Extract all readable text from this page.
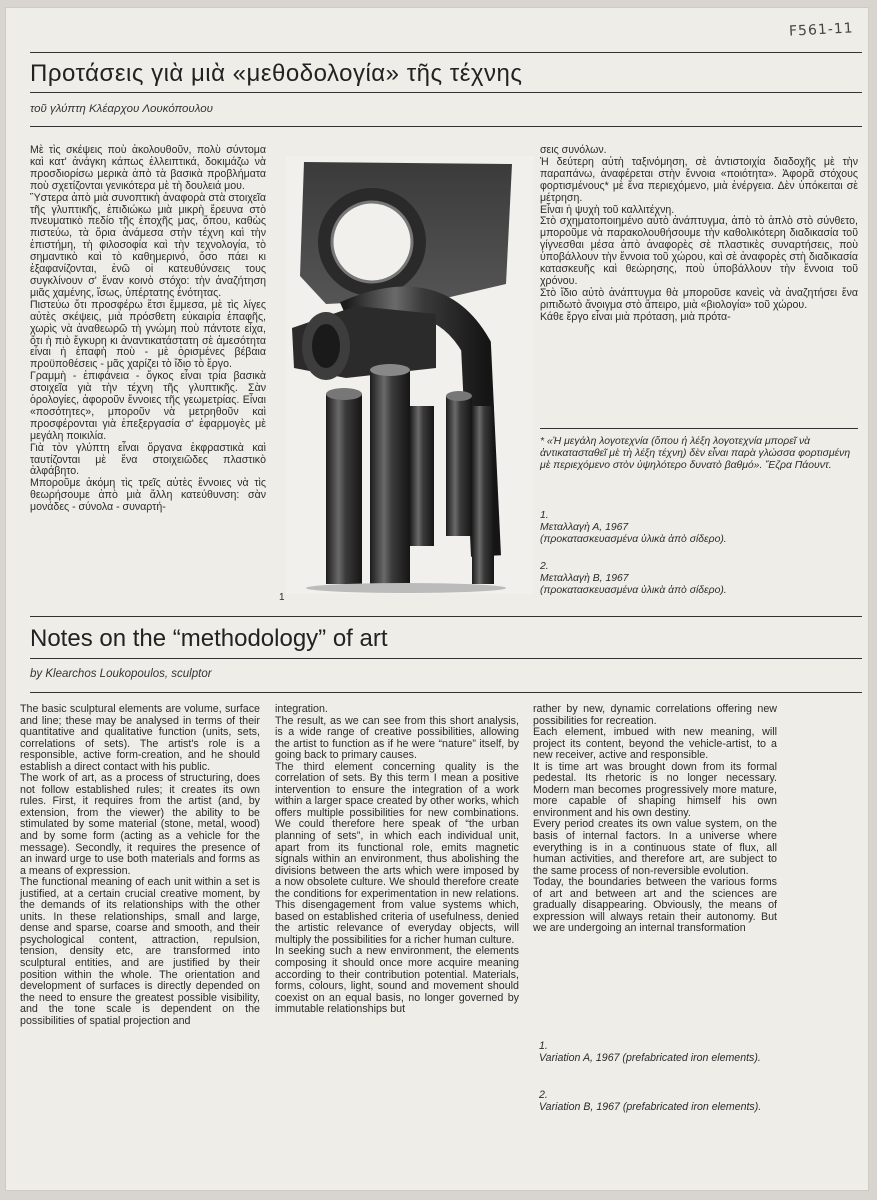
F561-11
Προτάσεις γιὰ μιὰ «μεθοδολογία» τῆς τέχνης
τοῦ γλύπτη Κλέαρχου Λουκόπουλου

Μὲ τὶς σκέψεις ποὺ ἀκολουθοῦν, πολὺ σύντομα καὶ κατ' ἀνάγκη κάπως ἐλλειπτικά, δοκιμάζω νὰ προσδιορίσω μερικὰ ἀπὸ τὰ βασικὰ προβλήματα ποὺ σχετίζονται γενικότερα μὲ τὴ δουλειά μου.

Ὕστερα ἀπὸ μιὰ συνοπτικὴ ἀναφορὰ στὰ στοιχεῖα τῆς γλυπτικῆς, ἐπιδιώκω μιὰ μικρὴ ἔρευνα στὸ πνευματικὸ πεδίο τῆς ἐποχῆς μας, ὅπου, καθὼς πιστεύω, τὰ ὅρια ἀνάμεσα στὴν τέχνη καὶ τὴν ἐπιστήμη, τὴ φιλοσοφία καὶ τὴν τεχνολογία, τὸ σημαντικὸ καὶ τὸ καθημερινό, ὅσο πάει κι ἐξαφανίζονται, ἐνῶ οἱ κατευθύνσεις τους συγκλίνουν σ' ἕναν κοινὸ στόχο: τὴν ἀναζήτηση μιᾶς χαμένης, ἴσως, ὑπέρτατης ἑνότητας.

Πιστεύω ὅτι προσφέρω ἔτσι ἔμμεσα, μὲ τὶς λίγες αὐτὲς σκέψεις, μιὰ πρόσθετη εὐκαιρία ἐπαφῆς, χωρὶς νὰ ἀναθεωρῶ τὴ γνώμη ποὺ πάντοτε εἶχα, ὅτι ἡ πιὸ ἔγκυρη κι ἀναντικατάστατη σὲ ἀμεσότητα εἶναι ἡ ἐπαφὴ ποὺ - μὲ ὁρισμένες βέβαια προϋποθέσεις - μᾶς χαρίζει τὸ ἴδιο τὸ ἔργο.

Γραμμὴ - ἐπιφάνεια - ὄγκος εἶναι τρία βασικὰ στοιχεῖα γιὰ τὴν τέχνη τῆς γλυπτικῆς. Σὰν ὁρολογίες, ἀφοροῦν ἔννοιες τῆς γεωμετρίας. Εἶναι «ποσότητες», μποροῦν νὰ μετρηθοῦν καὶ προσφέρονται γιὰ ἐπεξεργασία σ' ἐφαρμογὲς μὲ μεγάλη ποικιλία.

Γιὰ τὸν γλύπτη εἶναι ὄργανα ἐκφραστικὰ καὶ ταυτίζονται μὲ ἕνα στοιχειῶδες πλαστικὸ ἀλφάβητο.

Μποροῦμε ἀκόμη τὶς τρεῖς αὐτὲς ἔννοιες νὰ τὶς θεωρήσουμε ἀπὸ μιὰ ἄλλη κατεύθυνση: σὰν μονάδες - σύνολα - συναρτή-

1

σεις συνόλων.

Ἡ δεύτερη αὐτὴ ταξινόμηση, σὲ ἀντιστοιχία διαδοχῆς μὲ τὴν παραπάνω, ἀναφέρεται στὴν ἔννοια «ποιότητα». Ἀφορᾶ στόχους φορτισμένους* μὲ ἕνα περιεχόμενο, μιὰ ἐνέργεια. Δὲν ὑπόκειται σὲ μέτρηση.

Εἶναι ἡ ψυχὴ τοῦ καλλιτέχνη.

Στὸ σχηματοποιημένο αὐτὸ ἀνάπτυγμα, ἀπὸ τὸ ἁπλὸ στὸ σύνθετο, μποροῦμε νὰ παρακολουθήσουμε τὴν καθολικότερη διαδικασία τοῦ γίγνεσθαι μέσα ἀπὸ ἀναφορὲς σὲ πλαστικὲς συναρτήσεις, ποὺ ὑποβάλλουν τὴν ἔννοια τοῦ χώρου, καὶ σὲ ἀναφορὲς στὴ διαδικασία κατασκευῆς καὶ θεώρησης, ποὺ ὑποβάλλουν τὴν ἔννοια τοῦ χρόνου.

Στὸ ἴδιο αὐτὸ ἀνάπτυγμα θὰ μποροῦσε κανεὶς νὰ ἀναζητήσει ἕνα ριπιδωτὸ ἄνοιγμα στὸ ἄπειρο, μιὰ «βιολογία» τοῦ χώρου.

Κάθε ἔργο εἶναι μιὰ πρόταση, μιὰ πρότα-

* «Ἡ μεγάλη λογοτεχνία (ὅπου ἡ λέξη λογοτεχνία μπορεῖ νὰ ἀντικατασταθεῖ μὲ τὴ λέξη τέχνη) δὲν εἶναι παρὰ γλώσσα φορτισμένη μὲ περιεχόμενο στὸν ὑψηλότερο δυνατὸ βαθμό». Ἔζρα Πάουντ.

1.

Μεταλλαγὴ Α, 1967

(προκατασκευασμένα ὑλικὰ ἀπὸ σίδερο).

2.

Μεταλλαγὴ Β, 1967

(προκατασκευασμένα ὑλικὰ ἀπὸ σίδερο).

Notes on the “methodology” of art
by Klearchos Loukopoulos, sculptor

The basic sculptural elements are volume, surface and line; these may be analysed in terms of their quantitative and qualitative function (units, sets, correlations of sets). The artist's role is a responsible, active form-creation, and he should establish a direct contact with his public.

The work of art, as a process of structuring, does not follow established rules; it creates its own rules. First, it requires from the artist (and, by extension, from the viewer) the ability to be stimulated by some material (stone, metal, wood) and by some form (acting as a vehicle for the message). Secondly, it requires the presence of an inward urge to use both materials and forms as a means of expression.

The functional meaning of each unit within a set is justified, at a certain crucial creative moment, by the demands of its relationships with the other units. In these relationships, small and large, dense and sparse, coarse and smooth, and their psychological content, attraction, repulsion, tension, density etc, are transformed into sculptural entities, and are justified by their position within the whole. The orientation and development of surfaces is directly depended on the need to ensure the greatest possible visibility, and the tone scale is dependent on the possibilities of spatial projection and

integration.

The result, as we can see from this short analysis, is a wide range of creative possibilities, allowing the artist to function as if he were “nature” itself, by going back to primary causes.

The third element concerning quality is the correlation of sets. By this term I mean a positive intervention to ensure the integration of a work within a larger space created by other works, which offers multiple possibilities for new combinations. We could therefore here speak of “the urban planning of sets”, in which each individual unit, apart from its functional role, emits magnetic signals within an environment, thus abolishing the divisions between the arts which were imposed by a now obsolete culture. We should therefore create the conditions for experimentation in new relations. This disengagement from value systems which, based on established criteria of usefulness, denied the artistic relevance of everyday objects, will multiply the possibilities for a richer human culture.

In seeking such a new environment, the elements composing it should once more acquire meaning according to their contribution potential. Materials, forms, colours, light, sound and movement should coexist on an equal basis, no longer governed by immutable relationships but

rather by new, dynamic correlations offering new possibilities for recreation.

Each element, imbued with new meaning, will project its content, beyond the vehicle-artist, to a new receiver, active and responsible.

It is time art was brought down from its formal pedestal. Its rhetoric is no longer necessary. Modern man becomes progressively more mature, more capable of shaping himself his own environment and his own destiny.

Every period creates its own value system, on the basis of internal factors. In a universe where everything is in a continuous state of flux, all human activities, and therefore art, are subject to the same process of non-reversible evolution.

Today, the boundaries between the various forms of art and between art and the sciences are gradually disappearing. Obviously, the means of expression will always retain their autonomy. But we are undergoing an internal transformation

1.

Variation A, 1967 (prefabricated iron elements).

2.

Variation B, 1967 (prefabricated iron elements).
